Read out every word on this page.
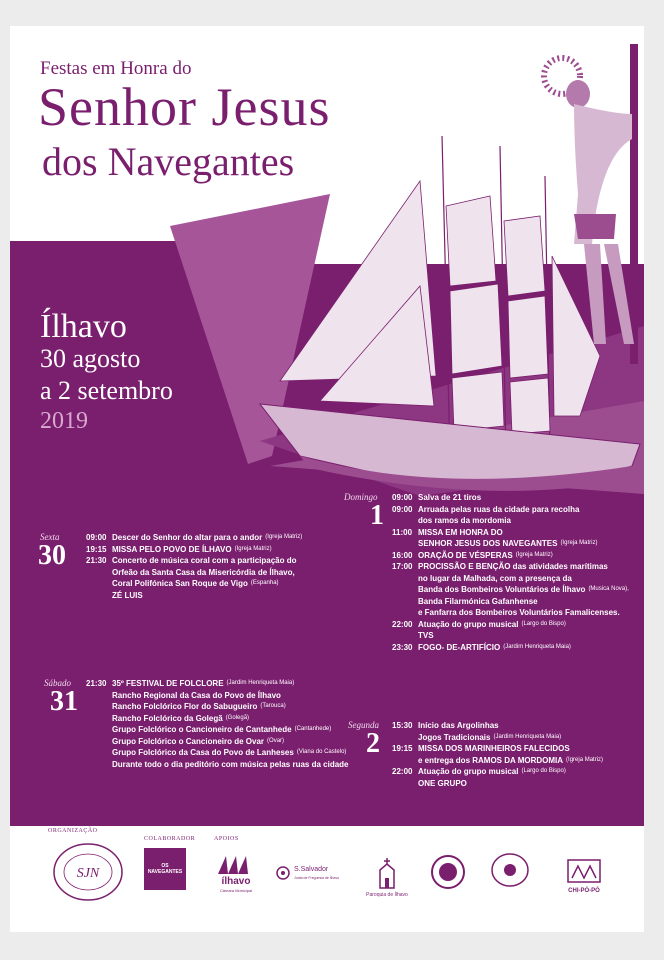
Festas em Honra do
Senhor Jesus
dos Navegantes
Ílhavo
30 agosto
a 2 setembro
2019
Sexta
30
09:00 Descer do Senhor do altar para o andor (Igreja Matriz)
19:15 MISSA PELO POVO DE ÍLHAVO (Igreja Matriz)
21:30 Concerto de música coral com a participação do
Orfeão da Santa Casa da Misericórdia de Ílhavo,
Coral Polifónica San Roque de Vigo (Espanha)
ZÉ LUIS
Sábado
31
21:30 35º FESTIVAL DE FOLCLORE (Jardim Henriqueta Maia)
Rancho Regional da Casa do Povo de Ílhavo
Rancho Folclórico Flor do Sabugueiro (Tarouca)
Rancho Folclórico da Golegã (Golegã)
Grupo Folclórico o Cancioneiro de Cantanhede (Cantanhede)
Grupo Folclórico o Cancioneiro de Ovar (Ovar)
Grupo Folclórico da Casa do Povo de Lanheses (Viana do Castelo)
Durante todo o dia peditório com música pelas ruas da cidade
Domingo
1
09:00 Salva de 21 tiros
09:00 Arruada pelas ruas da cidade para recolha
dos ramos da mordomia
11:00 MISSA EM HONRA DO
SENHOR JESUS DOS NAVEGANTES (Igreja Matriz)
16:00 ORAÇÃO DE VÉSPERAS (Igreja Matriz)
17:00 PROCISSÃO E BENÇÃO das atividades marítimas
no lugar da Malhada, com a presença da
Banda dos Bombeiros Voluntários de Ílhavo (Musica Nova),
Banda Filarmónica Gafanhense
e Fanfarra dos Bombeiros Voluntários Famalicenses.
22:00 Atuação do grupo musical (Largo do Bispo)
TVS
23:30 FOGO- DE-ARTIFÍCIO (Jardim Henriqueta Maia)
Segunda
2
15:30 Início das Argolinhas
Jogos Tradicionais (Jardim Henriqueta Maia)
19:15 MISSA DOS MARINHEIROS FALECIDOS
e entrega dos RAMOS DA MORDOMIA (Igreja Matriz)
22:00 Atuação do grupo musical (Largo do Bispo)
ONE GRUPO
ORGANIZAÇÃO
COLABORADOR	APOIOS
SJN	OS NAVEGANTES
ílhavo
Câmara Municipal
S.Salvador
Junta de Freguesia de Ílhavo
Paroquia de Ílhavo
CHI-PÓ-PÓ
